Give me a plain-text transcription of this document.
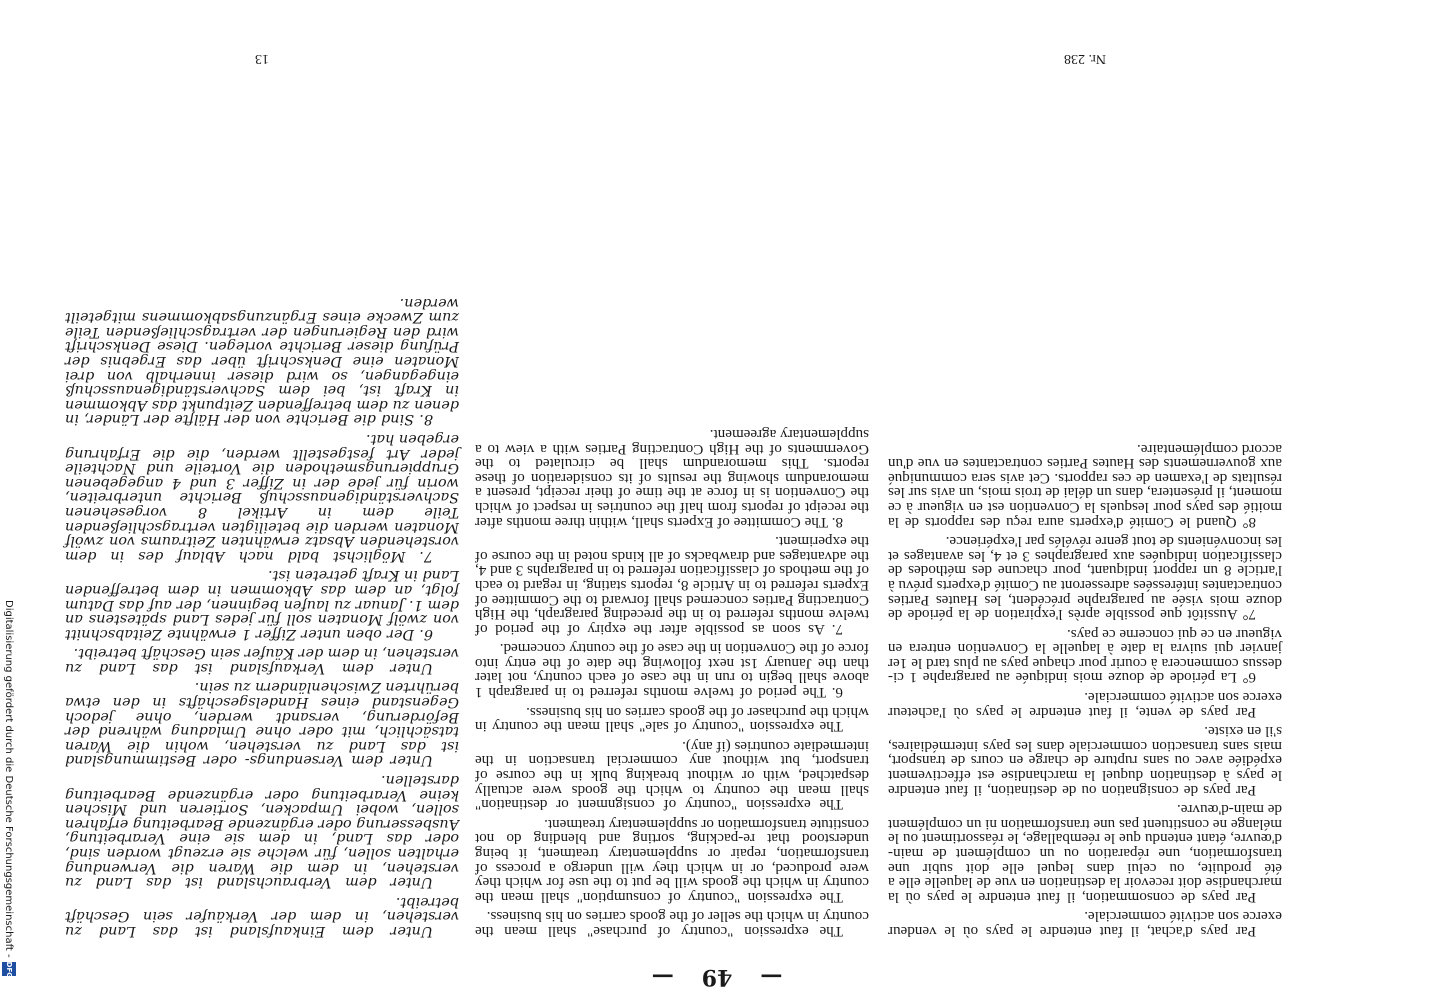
—49—

Par pays d'achat, il faut entendre le pays où le vendeur exerce son activité commerciale.

Par pays de consommation, il faut entendre le pays où la marchandise doit recevoir la destination en vue de laquelle elle a été produite, ou celui dans lequel elle doit subir une transformation, une réparation ou un complément de main-d'œuvre, étant entendu que le réemballage, le réassortiment ou le mélange ne constituent pas une transformation ni un complément de main-d'œuvre.

Par pays de consignation ou de destination, il faut entendre le pays à destination duquel la marchandise est effectivement expédiée avec ou sans rupture de charge en cours de transport, mais sans transaction commerciale dans les pays intermédiaires, s'il en existe.

Par pays de vente, il faut entendre le pays où l'acheteur exerce son activité commerciale.

6° La période de douze mois indiquée au paragraphe 1 ci-dessus commencera à courir pour chaque pays au plus tard le 1er janvier qui suivra la date à laquelle la Convention entrera en vigueur en ce qui concerne ce pays.

7° Aussitôt que possible après l'expiration de la période de douze mois visée au paragraphe précédent, les Hautes Parties contractantes intéressées adresseront au Comité d'experts prévu à l'article 8 un rapport indiquant, pour chacune des méthodes de classification indiquées aux paragraphes 3 et 4, les avantages et les inconvénients de tout genre révélés par l'expérience.

8° Quand le Comité d'experts aura reçu des rapports de la moitié des pays pour lesquels la Convention est en vigueur à ce moment, il présentera, dans un délai de trois mois, un avis sur les résultats de l'examen de ces rapports. Cet avis sera communiqué aux gouvernements des Hautes Parties contractantes en vue d'un accord complémentaire.

The expression "country of purchase" shall mean the country in which the seller of the goods carries on his business.

The expression "country of consumption" shall mean the country in which the goods will be put to the use for which they were produced, or in which they will undergo a process of transformation, repair or supplementary treatment, it being understood that re-packing, sorting and blending do not constitute transformation or supplementary treatment.

The expression "country of consignment or destination" shall mean the country to which the goods were actually despatched, with or without breaking bulk in the course of transport, but without any commercial transaction in the intermediate countries (if any).

The expression "country of sale" shall mean the country in which the purchaser of the goods carries on his business.

6. The period of twelve months referred to in paragraph 1 above shall begin to run in the case of each country, not later than the January 1st next following the date of the entry into force of the Convention in the case of the country concerned.

7. As soon as possible after the expiry of the period of twelve months referred to in the preceding paragraph, the High Contracting Parties concerned shall forward to the Committee of Experts referred to in Article 8, reports stating, in regard to each of the methods of classification referred to in paragraphs 3 and 4, the advantages and drawbacks of all kinds noted in the course of the experiment.

8. The Committee of Experts shall, within three months after the receipt of reports from half the countries in respect of which the Convention is in force at the time of their receipt, present a memorandum showing the results of its consideration of these reports. This memorandum shall be circulated to the Governments of the High Contracting Parties with a view to a supplementary agreement.

Unter dem Einkaufsland ist das Land zu verstehen, in dem der Verkäufer sein Geschäft betreibt.

Unter dem Verbrauchsland ist das Land zu verstehen, in dem die Waren die Verwendung erhalten sollen, für welche sie erzeugt worden sind, oder das Land, in dem sie eine Verarbeitung, Ausbesserung oder ergänzende Bearbeitung erfahren sollen, wobei Umpacken, Sortieren und Mischen keine Verarbeitung oder ergänzende Bearbeitung darstellen.

Unter dem Versendungs- oder Bestimmungsland ist das Land zu verstehen, wohin die Waren tatsächlich, mit oder ohne Umladung während der Beförderung, versandt werden, ohne jedoch Gegenstand eines Handelsgeschäfts in den etwa berührten Zwischenländern zu sein.

Unter dem Verkaufsland ist das Land zu verstehen, in dem der Käufer sein Geschäft betreibt.

6. Der oben unter Ziffer 1 erwähnte Zeitabschnitt von zwölf Monaten soll für jedes Land spätestens an dem 1. Januar zu laufen beginnen, der auf das Datum folgt, an dem das Abkommen in dem betreffenden Land in Kraft getreten ist.

7. Möglichst bald nach Ablauf des in dem vorstehenden Absatz erwähnten Zeitraums von zwölf Monaten werden die beteiligten vertragschließenden Teile dem in Artikel 8 vorgesehenen Sachverständigenausschuß Berichte unterbreiten, worin für jede der in Ziffer 3 und 4 angegebenen Gruppierungsmethoden die Vorteile und Nachteile jeder Art festgestellt werden, die die Erfahrung ergeben hat.

8. Sind die Berichte von der Hälfte der Länder, in denen zu dem betreffenden Zeitpunkt das Abkommen in Kraft ist, bei dem Sachverständigenausschuß eingegangen, so wird dieser innerhalb von drei Monaten eine Denkschrift über das Ergebnis der Prüfung dieser Berichte vorlegen. Diese Denkschrift wird den Regierungen der vertragschließenden Teile zum Zwecke eines Ergänzungsabkommens mitgeteilt werden.

Nr. 238
13
Digitalisierung gefördert durch die Deutsche Forschungsgemeinschaft -
DFG
